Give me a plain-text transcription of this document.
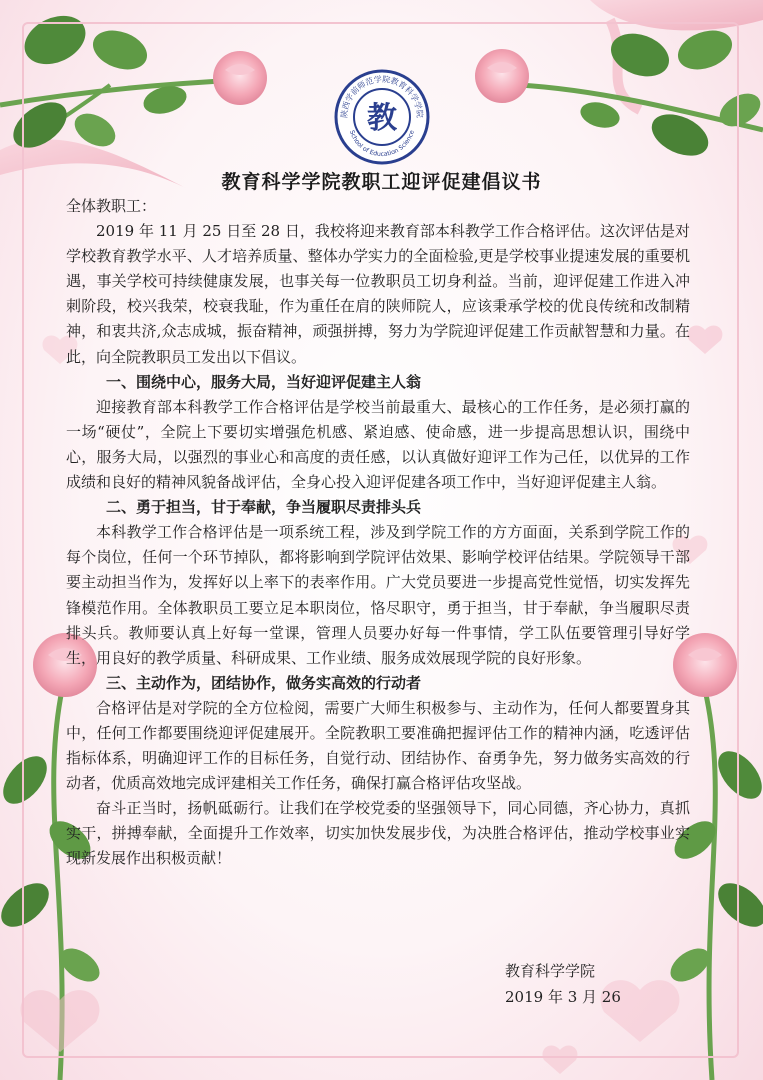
陕西学前师范学院教育科学学院
School of Education Science
教
教育科学学院教职工迎评促建倡议书

全体教职工：

2019 年 11 月 25 日至 28 日，我校将迎来教育部本科教学工作合格评估。这次评估是对学校教育教学水平、人才培养质量、整体办学实力的全面检验,更是学校事业提速发展的重要机遇，事关学校可持续健康发展，也事关每一位教职员工切身利益。当前，迎评促建工作进入冲刺阶段，校兴我荣，校衰我耻，作为重任在肩的陕师院人，应该秉承学校的优良传统和改制精神，和衷共济,众志成城，振奋精神，顽强拼搏，努力为学院迎评促建工作贡献智慧和力量。在此，向全院教职员工发出以下倡议。

一、围绕中心，服务大局，当好迎评促建主人翁

迎接教育部本科教学工作合格评估是学校当前最重大、最核心的工作任务，是必须打赢的一场“硬仗”，全院上下要切实增强危机感、紧迫感、使命感，进一步提高思想认识，围绕中心，服务大局，以强烈的事业心和高度的责任感，以认真做好迎评工作为己任，以优异的工作成绩和良好的精神风貌备战评估，全身心投入迎评促建各项工作中，当好迎评促建主人翁。

二、勇于担当，甘于奉献，争当履职尽责排头兵

本科教学工作合格评估是一项系统工程，涉及到学院工作的方方面面，关系到学院工作的每个岗位，任何一个环节掉队，都将影响到学院评估效果、影响学校评估结果。学院领导干部要主动担当作为，发挥好以上率下的表率作用。广大党员要进一步提高党性觉悟，切实发挥先锋模范作用。全体教职员工要立足本职岗位，恪尽职守，勇于担当，甘于奉献，争当履职尽责排头兵。教师要认真上好每一堂课，管理人员要办好每一件事情，学工队伍要管理引导好学生，用良好的教学质量、科研成果、工作业绩、服务成效展现学院的良好形象。

三、主动作为，团结协作，做务实高效的行动者

合格评估是对学院的全方位检阅，需要广大师生积极参与、主动作为，任何人都要置身其中，任何工作都要围绕迎评促建展开。全院教职工要准确把握评估工作的精神内涵，吃透评估指标体系，明确迎评工作的目标任务，自觉行动、团结协作、奋勇争先，努力做务实高效的行动者，优质高效地完成评建相关工作任务，确保打赢合格评估攻坚战。

奋斗正当时，扬帆砥砺行。让我们在学校党委的坚强领导下，同心同德，齐心协力，真抓实干，拼搏奉献，全面提升工作效率，切实加快发展步伐，为决胜合格评估，推动学校事业实现新发展作出积极贡献！

教育科学学院
2019 年 3 月 26
